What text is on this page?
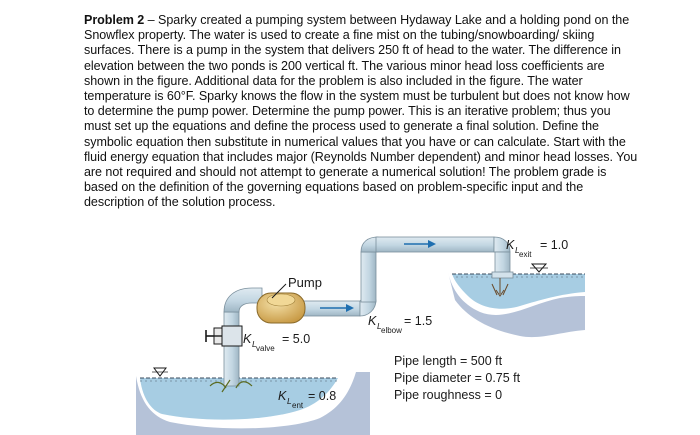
Problem 2 – Sparky created a pumping system between Hydaway Lake and a holding pond on the Snowflex property. The water is used to create a fine mist on the tubing/snowboarding/ skiing surfaces. There is a pump in the system that delivers 250 ft of head to the water. The difference in elevation between the two ponds is 200 vertical ft. The various minor head loss coefficients are shown in the figure. Additional data for the problem is also included in the figure. The water temperature is 60°F. Sparky knows the flow in the system must be turbulent but does not know how to determine the pump power. Determine the pump power. This is an iterative problem; thus you must set up the equations and define the process used to generate a final solution. Define the symbolic equation then substitute in numerical values that you have or can calculate. Start with the fluid energy equation that includes major (Reynolds Number dependent) and minor head losses. You are not required and should not attempt to generate a numerical solution! The problem grade is based on the definition of the governing equations based on problem-specific input and the description of the solution process.

Pump
K L valve
= 5.0
K L ent
= 0.8
K L elbow
= 1.5
K L exit
= 1.0
Pipe length = 500 ft
Pipe diameter = 0.75 ft
Pipe roughness = 0
